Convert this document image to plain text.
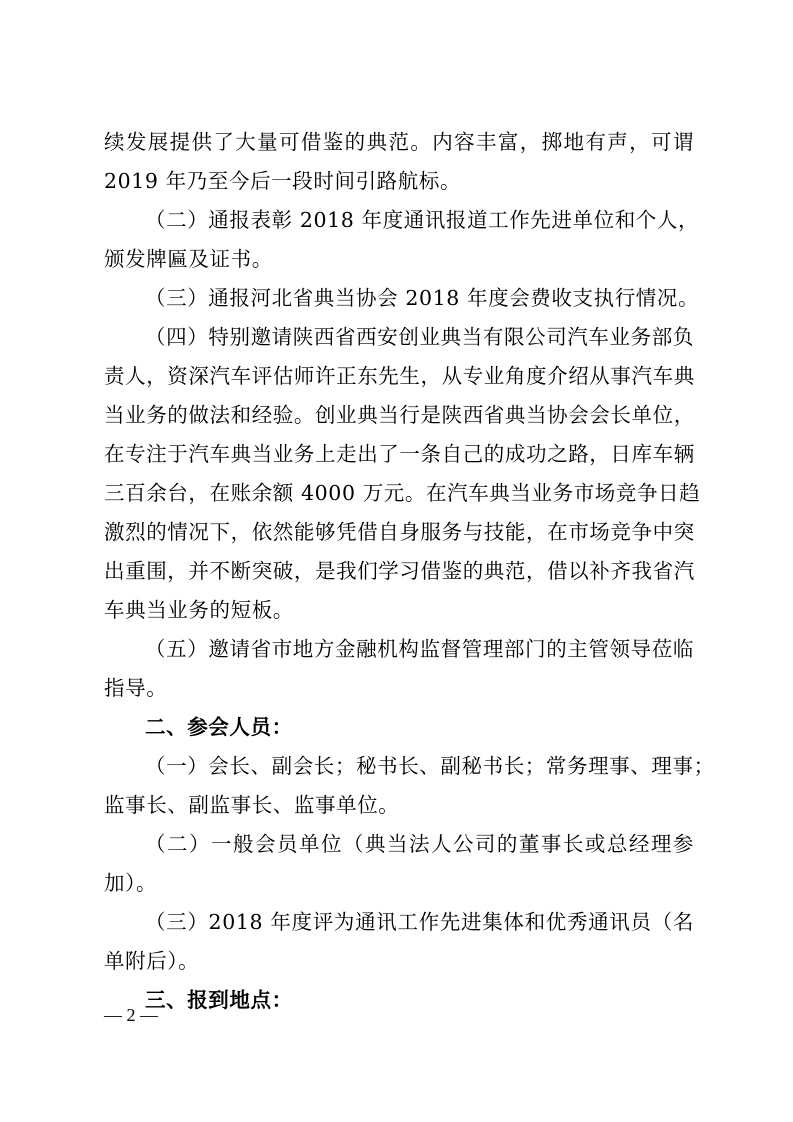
续发展提供了大量可借鉴的典范。内容丰富，掷地有声，可谓
2019 年乃至今后一段时间引路航标。
（二）通报表彰 2018 年度通讯报道工作先进单位和个人，
颁发牌匾及证书。
（三）通报河北省典当协会 2018 年度会费收支执行情况。
（四）特别邀请陕西省西安创业典当有限公司汽车业务部负
责人，资深汽车评估师许正东先生，从专业角度介绍从事汽车典
当业务的做法和经验。创业典当行是陕西省典当协会会长单位，
在专注于汽车典当业务上走出了一条自己的成功之路，日库车辆
三百余台，在账余额 4000 万元。在汽车典当业务市场竞争日趋
激烈的情况下，依然能够凭借自身服务与技能，在市场竞争中突
出重围，并不断突破，是我们学习借鉴的典范，借以补齐我省汽
车典当业务的短板。
（五）邀请省市地方金融机构监督管理部门的主管领导莅临
指导。
二、参会人员：
（一）会长、副会长；秘书长、副秘书长；常务理事、理事；
监事长、副监事长、监事单位。
（二）一般会员单位（典当法人公司的董事长或总经理参
加）。
（三）2018 年度评为通讯工作先进集体和优秀通讯员（名
单附后）。
三、报到地点：
— 2 —
